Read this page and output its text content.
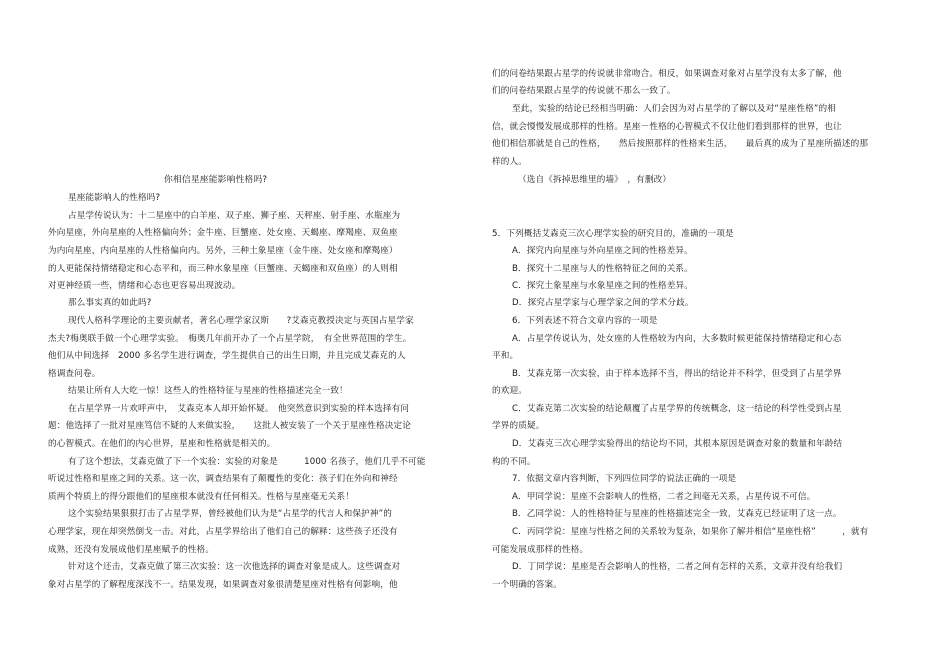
你相信星座能影响性格吗?
星座能影响人的性格吗?
占星学传说认为：十二星座中的白羊座、双子座、狮子座、天秤座、射手座、水瓶座为
外向星座，外向星座的人性格偏向外；金牛座、巨蟹座、处女座、天蝎座、摩羯座、双鱼座
为内向星座，内向星座的人性格偏向内。另外，三种土象星座（金牛座、处女座和摩羯座）
的人更能保持情绪稳定和心态平和，而三种水象星座（巨蟹座、天蝎座和双鱼座）的人则相
对更神经质一些，情绪和心态也更容易出现波动。
那么事实真的如此吗?
现代人格科学理论的主要贡献者，著名心理学家汉斯　　?艾森克教授决定与英国占星学家
杰夫?梅奥联手做一个心理学实验。　梅奥几年前开办了一个占星学院，　有全世界范围的学生。
他们从中间选择　2000 多名学生进行调查，学生提供自己的出生日期，并且完成艾森克的人
格调查问卷。
结果让所有人大吃一惊！这些人的性格特征与星座的性格描述完全一致！
在占星学界一片欢呼声中，　艾森克本人却开始怀疑。　他突然意识到实验的样本选择有问
题：他选择了一批对星座笃信不疑的人来做实验，　　这批人被安装了一个关于星座性格决定论
的心智模式。在他们的内心世界，星座和性格就是相关的。
有了这个想法，艾森克做了下一个实验：实验的对象是　　　1000 名孩子，他们几乎不可能
听说过性格和星座之间的关系。这一次，调查结果有了颠覆性的变化：孩子们在外向和神经
质两个特质上的得分跟他们的星座根本就没有任何相关。性格与星座毫无关系！
这个实验结果狠狠打击了占星学界，曾经被他们认为是“占星学的代言人和保护神”的
心理学家，现在却突然倒戈一击。对此，占星学界给出了他们自己的解释：这些孩子还没有
成熟，还没有发展成他们星座赋予的性格。
针对这个还击，艾森克做了第三次实验：这一次他选择的调查对象是成人。这些调查对
象对占星学的了解程度深浅不一。结果发现，如果调查对象很清楚星座对性格有何影响，他
们的问卷结果跟占星学的传说就非常吻合。相反，如果调查对象对占星学没有太多了解，他
们的问卷结果跟占星学的传说就不那么一致了。
至此，实验的结论已经相当明确：人们会因为对占星学的了解以及对“星座性格”的相
信，就会慢慢发展成那样的性格。星座－性格的心智模式不仅让他们看到那样的世界，也让
他们相信那就是自己的性格，　　然后按照那样的性格来生活，　　最后真的成为了星座所描述的那
样的人。
（选自《拆掉思维里的墙》　，有删改）
5．下列概括艾森克三次心理学实验的研究目的，准确的一项是
A．探究内向星座与外向星座之间的性格差异。
B．探究十二星座与人的性格特征之间的关系。
C．探究土象星座与水象星座之间的性格差异。
D．探究占星学家与心理学家之间的学术分歧。
6．下列表述不符合文章内容的一项是
A．占星学传说认为，处女座的人性格较为内向，大多数时候更能保持情绪稳定和心态
平和。
B．艾森克第一次实验，由于样本选择不当，得出的结论并不科学，但受到了占星学界
的欢迎。
C．艾森克第二次实验的结论颠覆了占星学界的传统概念，这一结论的科学性受到占星
学界的质疑。
D．艾森克三次心理学实验得出的结论均不同，其根本原因是调查对象的数量和年龄结
构的不同。
7．依据文章内容判断，下列四位同学的说法正确的一项是
A．甲同学说：星座不会影响人的性格，二者之间毫无关系，占星传说不可信。
B．乙同学说：人的性格特征与星座的性格描述完全一致，艾森克已经证明了这一点。
C．丙同学说：星座与性格之间的关系较为复杂，如果你了解并相信“星座性格”　　　，就有
可能发展成那样的性格。
D．丁同学说：星座是否会影响人的性格，二者之间有怎样的关系，文章并没有给我们
一个明确的答案。
